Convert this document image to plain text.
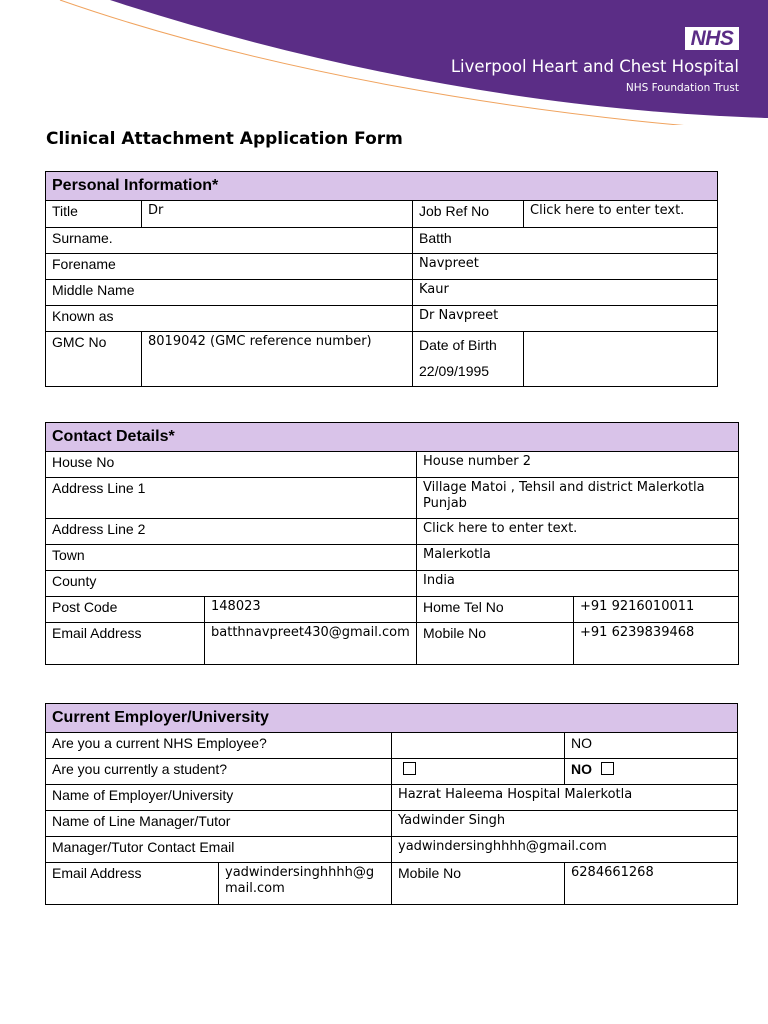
NHS
Liverpool Heart and Chest Hospital
NHS Foundation Trust
Clinical Attachment Application Form
Personal Information*			
Title	Dr	Job Ref No	Click here to enter text.
Surname.		Batth	
Forename		Navpreet	
Middle Name		Kaur	
Known as		Dr Navpreet	
GMC No	8019042 (GMC reference number)	Date of Birth
22/09/1995	

Contact Details*			
House No		House number 2	
Address Line 1		Village Matoi , Tehsil and district Malerkotla Punjab	
Address Line 2		Click here to enter text.	
Town		Malerkotla	
County		India	
Post Code	148023	Home Tel No	+91 9216010011
Email Address	batthnavpreet430@gmail.com	Mobile No	+91 6239839468
Current Employer/University			
Are you a current NHS Employee?			NO
Are you currently a student?			NO
Name of Employer/University		Hazrat Haleema Hospital Malerkotla	
Name of Line Manager/Tutor		Yadwinder Singh	
Manager/Tutor Contact Email		yadwindersinghhhh@gmail.com	
Email Address	yadwindersinghhhh@gmail.com	Mobile No	6284661268
